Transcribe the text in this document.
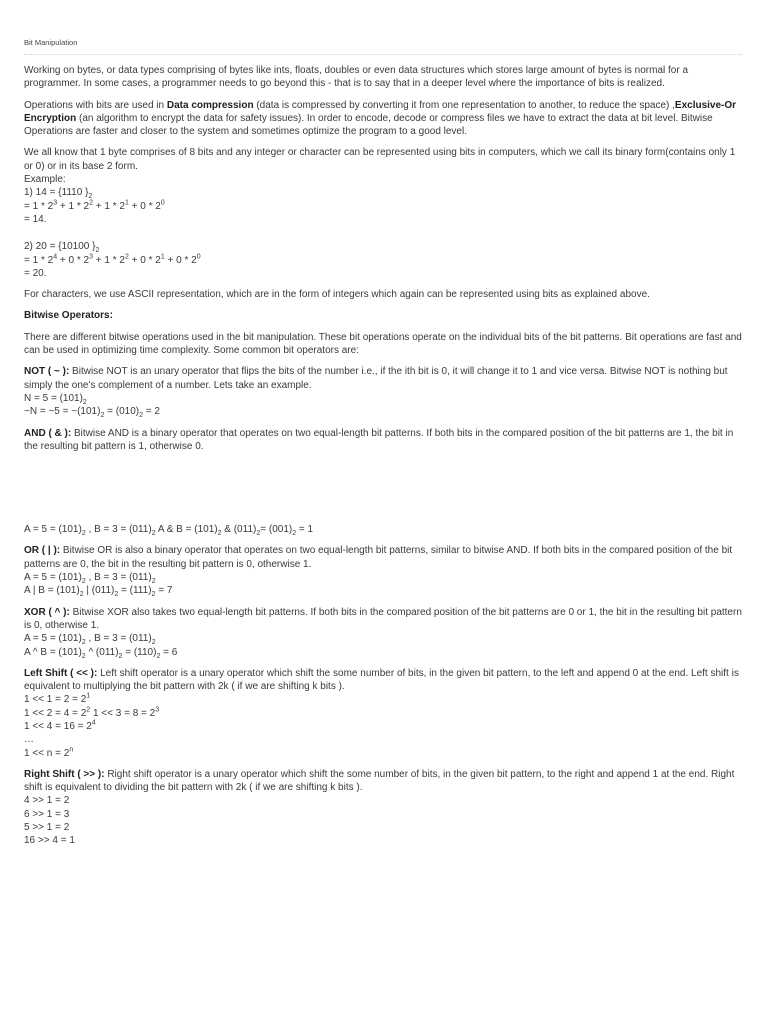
Bit Manipulation

Working on bytes, or data types comprising of bytes like ints, floats, doubles or even data structures which stores large amount of bytes is normal for a programmer. In some cases, a programmer needs to go beyond this - that is to say that in a deeper level where the importance of bits is realized.

Operations with bits are used in Data compression (data is compressed by converting it from one representation to another, to reduce the space) ,Exclusive-Or Encryption (an algorithm to encrypt the data for safety issues). In order to encode, decode or compress files we have to extract the data at bit level. Bitwise Operations are faster and closer to the system and sometimes optimize the program to a good level.

We all know that 1 byte comprises of 8 bits and any integer or character can be represented using bits in computers, which we call its binary form(contains only 1 or 0) or in its base 2 form.
Example:
1) 14 = {1110 }$_2$
= $1 * 2^3 + 1 * 2^2 + 1 * 2^1 + 0 * 2^0$
= 14.

2) 20 = {10100 }$_2$
= $1 * 2^4 + 0 * 2^3 + 1 * 2^2 + 0 * 2^1 + 0 * 2^0$
= 20.

For characters, we use ASCII representation, which are in the form of integers which again can be represented using bits as explained above.

Bitwise Operators:

There are different bitwise operations used in the bit manipulation. These bit operations operate on the individual bits of the bit patterns. Bit operations are fast and can be used in optimizing time complexity. Some common bit operators are:

NOT ( ~ ): Bitwise NOT is an unary operator that flips the bits of the number i.e., if the ith bit is 0, it will change it to 1 and vice versa. Bitwise NOT is nothing but simply the one's complement of a number. Lets take an example.
$N = 5 = (101)_2$
~N = ~5 = $\sim(101)_2 = (010)_2 = 2$

AND ( & ): Bitwise AND is a binary operator that operates on two equal-length bit patterns. If both bits in the compared position of the bit patterns are 1, the bit in the resulting bit pattern is 1, otherwise 0.

$A = 5 = (101)_2$ , $B = 3 = (011)_2$ A & $B = (101)_2$ & $(011)_2= (001)_2 = 1$

OR ( | ): Bitwise OR is also a binary operator that operates on two equal-length bit patterns, similar to bitwise AND. If both bits in the compared position of the bit patterns are 0, the bit in the resulting bit pattern is 0, otherwise 1.
$A = 5 = (101)_2$ , $B = 3 = (011)_2$
A | $B = (101)_2$ | $(011)_2 = (111)_2 = 7$

XOR ( ^ ): Bitwise XOR also takes two equal-length bit patterns. If both bits in the compared position of the bit patterns are 0 or 1, the bit in the resulting bit pattern is 0, otherwise 1.
$A = 5 = (101)_2$ , $B = 3 = (011)_2$
A ^ $B = (101)_2$ ^ $(011)_2 = (110)_2 = 6$

Left Shift ( << ): Left shift operator is a unary operator which shift the some number of bits, in the given bit pattern, to the left and append 0 at the end. Left shift is equivalent to multiplying the bit pattern with 2k ( if we are shifting k bits ).
$1 << 1 = 2 = 2^1$
$1 << 2 = 4 = 2^2$ $1 << 3 = 8 = 2^3$
$1 << 4 = 16 = 2^4$
…
$1 << n = 2^n$

Right Shift ( >> ): Right shift operator is a unary operator which shift the some number of bits, in the given bit pattern, to the right and append 1 at the end. Right shift is equivalent to dividing the bit pattern with 2k ( if we are shifting k bits ).
4 >> 1 = 2
6 >> 1 = 3
5 >> 1 = 2
16 >> 4 = 1
